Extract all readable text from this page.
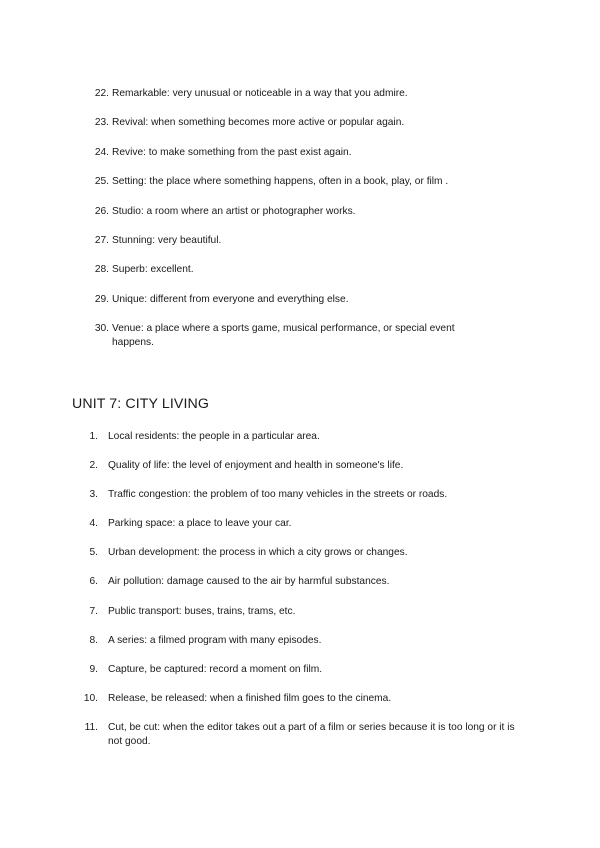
22. Remarkable: very unusual or noticeable in a way that you admire.
23. Revival: when something becomes more active or popular again.
24. Revive: to make something from the past exist again.
25. Setting: the place where something happens, often in a book, play, or film .
26. Studio: a room where an artist or photographer works.
27. Stunning: very beautiful.
28. Superb: excellent.
29. Unique: different from everyone and everything else.
30. Venue: a place where a sports game, musical performance, or special event happens.
UNIT 7: CITY LIVING
1. Local residents: the people in a particular area.
2. Quality of life: the level of enjoyment and health in someone's life.
3. Traffic congestion: the problem of too many vehicles in the streets or roads.
4. Parking space: a place to leave your car.
5. Urban development: the process in which a city grows or changes.
6. Air pollution: damage caused to the air by harmful substances.
7. Public transport: buses, trains, trams, etc.
8. A series: a filmed program with many episodes.
9. Capture, be captured: record a moment on film.
10. Release, be released: when a finished film goes to the cinema.
11. Cut, be cut: when the editor takes out a part of a film or series because it is too long or it is not good.
